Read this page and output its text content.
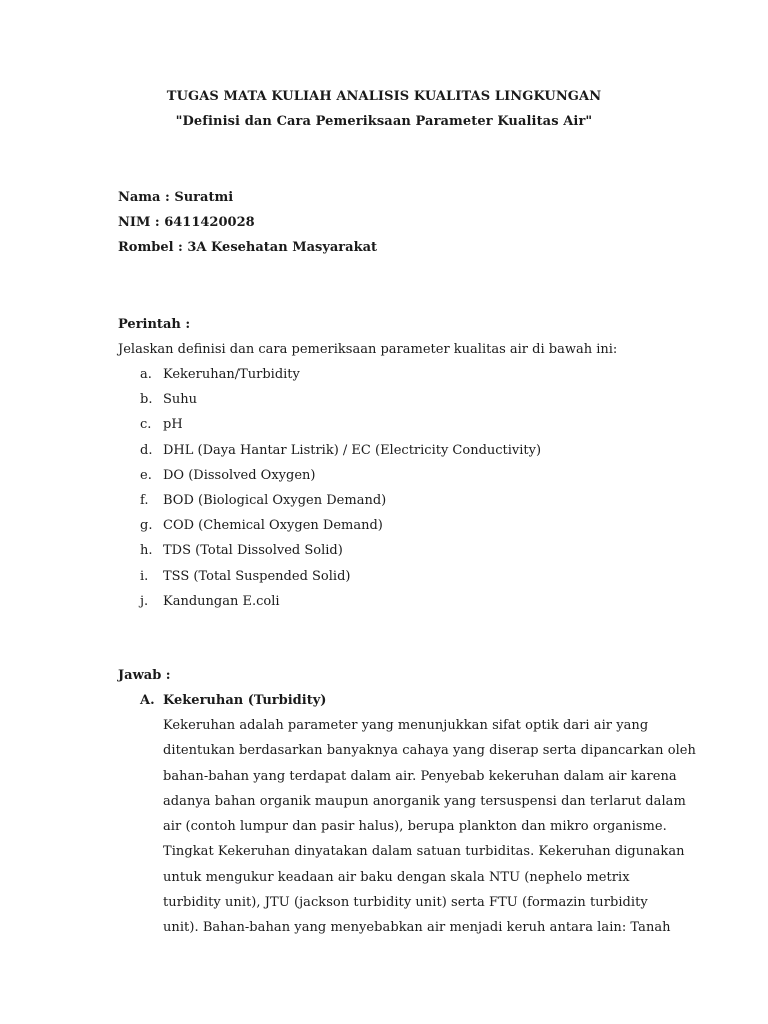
TUGAS MATA KULIAH ANALISIS KUALITAS LINGKUNGAN
"Definisi dan Cara Pemeriksaan Parameter Kualitas Air"
Nama : Suratmi
NIM : 6411420028
Rombel : 3A Kesehatan Masyarakat
Perintah :
Jelaskan definisi dan cara pemeriksaan parameter kualitas air di bawah ini:
a. Kekeruhan/Turbidity
b. Suhu
c. pH
d. DHL (Daya Hantar Listrik) / EC (Electricity Conductivity)
e. DO (Dissolved Oxygen)
f. BOD (Biological Oxygen Demand)
g. COD (Chemical Oxygen Demand)
h. TDS (Total Dissolved Solid)
i. TSS (Total Suspended Solid)
j. Kandungan E.coli
Jawab :
A. Kekeruhan (Turbidity)
Kekeruhan adalah parameter yang menunjukkan sifat optik dari air yang
ditentukan berdasarkan banyaknya cahaya yang diserap serta dipancarkan oleh
bahan-bahan yang terdapat dalam air. Penyebab kekeruhan dalam air karena
adanya bahan organik maupun anorganik yang tersuspensi dan terlarut dalam
air (contoh lumpur dan pasir halus), berupa plankton dan mikro organisme.
Tingkat Kekeruhan dinyatakan dalam satuan turbiditas. Kekeruhan digunakan
untuk mengukur keadaan air baku dengan skala NTU (nephelo metrix
turbidity unit), JTU (jackson turbidity unit) serta FTU (formazin turbidity
unit). Bahan-bahan yang menyebabkan air menjadi keruh antara lain: Tanah
